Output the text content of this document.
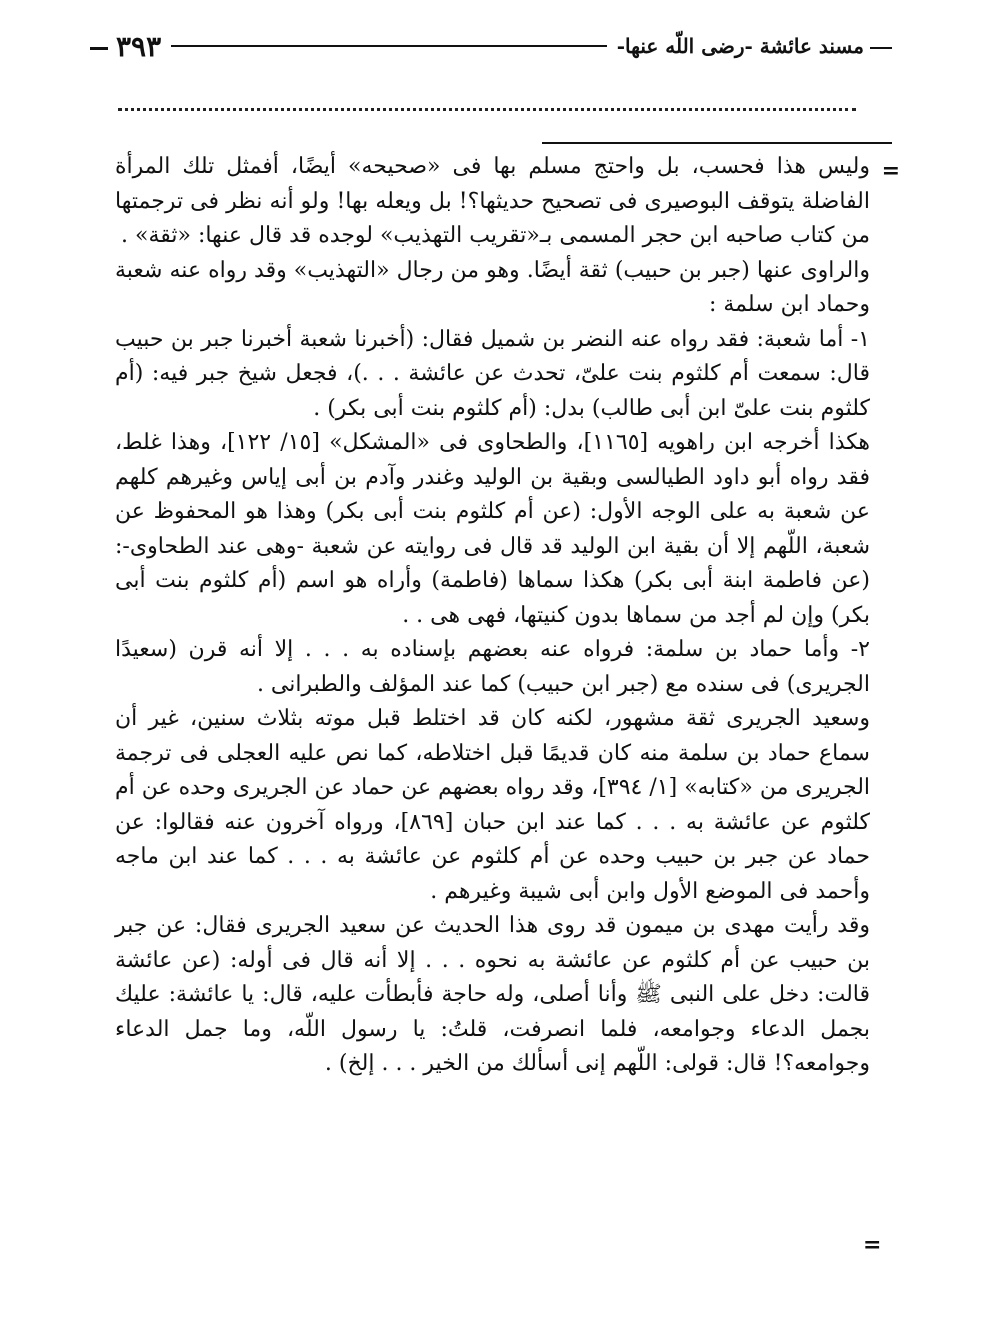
مسند عائشة -رضى اللّه عنها-
٣٩٣
=

وليس هذا فحسب، بل واحتج مسلم بها فى «صحيحه» أيضًا، أفمثل تلك المرأة الفاضلة يتوقف البوصيرى فى تصحيح حديثها؟! بل ويعله بها! ولو أنه نظر فى ترجمتها من كتاب صاحبه ابن حجر المسمى بـ«تقريب التهذيب» لوجده قد قال عنها: «ثقة» .

والراوى عنها (جبر بن حبيب) ثقة أيضًا. وهو من رجال «التهذيب» وقد رواه عنه شعبة وحماد ابن سلمة :

١- أما شعبة: فقد رواه عنه النضر بن شميل فقال: (أخبرنا شعبة أخبرنا جبر بن حبيب قال: سمعت أم كلثوم بنت علىّ، تحدث عن عائشة . . .)، فجعل شيخ جبر فيه: (أم كلثوم بنت علىّ ابن أبى طالب) بدل: (أم كلثوم بنت أبى بكر) .

هكذا أخرجه ابن راهويه [١١٦٥]، والطحاوى فى «المشكل» [١٥/ ١٢٢]، وهذا غلط، فقد رواه أبو داود الطيالسى وبقية بن الوليد وغندر وآدم بن أبى إياس وغيرهم كلهم عن شعبة به على الوجه الأول: (عن أم كلثوم بنت أبى بكر) وهذا هو المحفوظ عن شعبة، اللّهم إلا أن بقية ابن الوليد قد قال فى روايته عن شعبة -وهى عند الطحاوى-: (عن فاطمة ابنة أبى بكر) هكذا سماها (فاطمة) وأراه هو اسم (أم كلثوم بنت أبى بكر) وإن لم أجد من سماها بدون كنيتها، فهى هى . .

٢- وأما حماد بن سلمة: فرواه عنه بعضهم بإسناده به . . . إلا أنه قرن (سعيدًا الجريرى) فى سنده مع (جبر ابن حبيب) كما عند المؤلف والطبرانى .

وسعيد الجريرى ثقة مشهور، لكنه كان قد اختلط قبل موته بثلاث سنين، غير أن سماع حماد بن سلمة منه كان قديمًا قبل اختلاطه، كما نص عليه العجلى فى ترجمة الجريرى من «كتابه» [١/ ٣٩٤]، وقد رواه بعضهم عن حماد عن الجريرى وحده عن أم كلثوم عن عائشة به . . . كما عند ابن حبان [٨٦٩]، ورواه آخرون عنه فقالوا: عن حماد عن جبر بن حبيب وحده عن أم كلثوم عن عائشة به . . . كما عند ابن ماجه وأحمد فى الموضع الأول وابن أبى شيبة وغيرهم .

وقد رأيت مهدى بن ميمون قد روى هذا الحديث عن سعيد الجريرى فقال: عن جبر بن حبيب عن أم كلثوم عن عائشة به نحوه . . . إلا أنه قال فى أوله: (عن عائشة قالت: دخل على النبى ﷺ وأنا أصلى، وله حاجة فأبطأت عليه، قال: يا عائشة: عليك بجمل الدعاء وجوامعه، فلما انصرفت، قلتُ: يا رسول اللّه، وما جمل الدعاء وجوامعه؟! قال: قولى: اللّهم إنى أسألك من الخير . . . إلخ) .

=
